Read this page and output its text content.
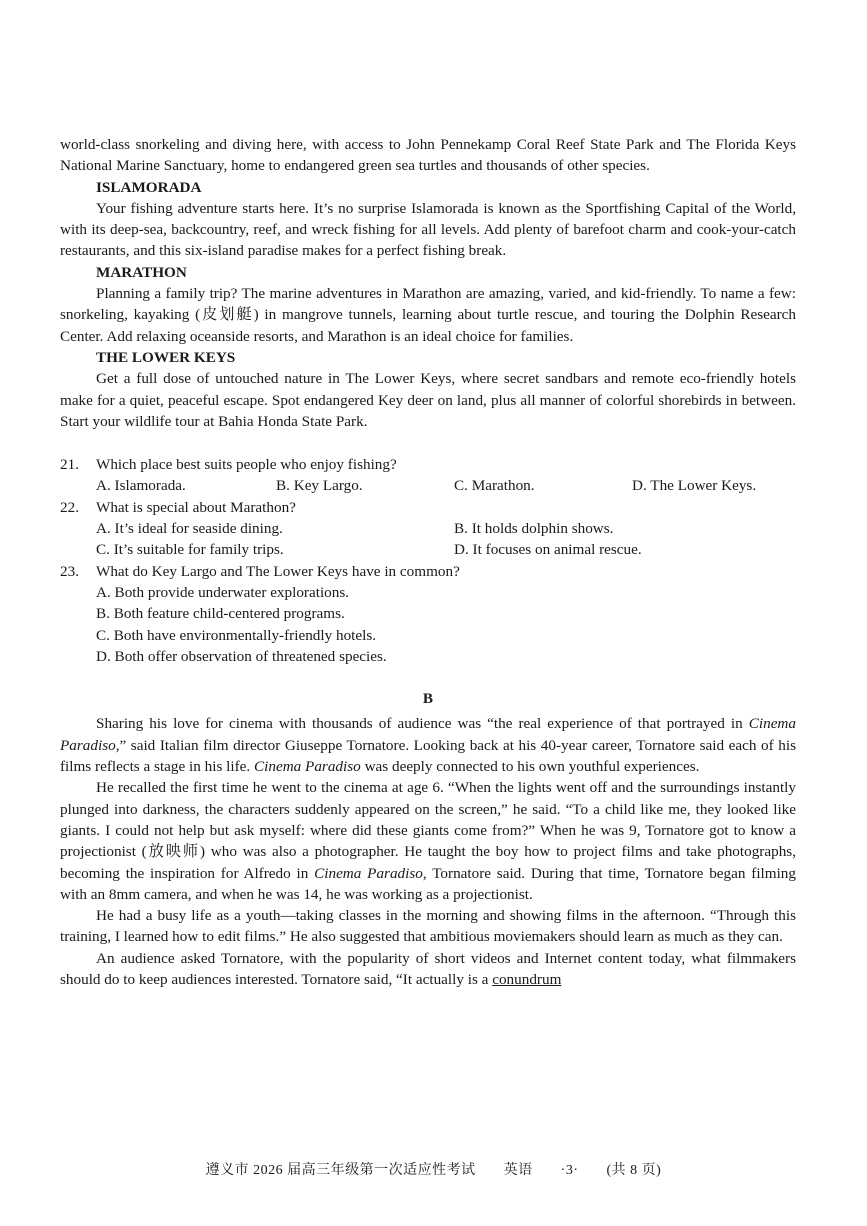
world-class snorkeling and diving here, with access to John Pennekamp Coral Reef State Park and The Florida Keys National Marine Sanctuary, home to endangered green sea turtles and thousands of other species.

ISLAMORADA

Your fishing adventure starts here. It’s no surprise Islamorada is known as the Sportfishing Capital of the World, with its deep-sea, backcountry, reef, and wreck fishing for all levels. Add plenty of barefoot charm and cook-your-catch restaurants, and this six-island paradise makes for a perfect fishing break.

MARATHON

Planning a family trip? The marine adventures in Marathon are amazing, varied, and kid-friendly. To name a few: snorkeling, kayaking (皮划艇) in mangrove tunnels, learning about turtle rescue, and touring the Dolphin Research Center. Add relaxing oceanside resorts, and Marathon is an ideal choice for families.

THE LOWER KEYS

Get a full dose of untouched nature in The Lower Keys, where secret sandbars and remote eco-friendly hotels make for a quiet, peaceful escape. Spot endangered Key deer on land, plus all manner of colorful shorebirds in between. Start your wildlife tour at Bahia Honda State Park.

21.	Which place best suits people who enjoy fishing?
A. Islamorada.	B. Key Largo.	C. Marathon.	D. The Lower Keys.
22.	What is special about Marathon?
A. It’s ideal for seaside dining.	B. It holds dolphin shows.
C. It’s suitable for family trips.	D. It focuses on animal rescue.
23.	What do Key Largo and The Lower Keys have in common?
A. Both provide underwater explorations.
B. Both feature child-centered programs.
C. Both have environmentally-friendly hotels.
D. Both offer observation of threatened species.
B

Sharing his love for cinema with thousands of audience was “the real experience of that portrayed in Cinema Paradiso,” said Italian film director Giuseppe Tornatore. Looking back at his 40-year career, Tornatore said each of his films reflects a stage in his life. Cinema Paradiso was deeply connected to his own youthful experiences.

He recalled the first time he went to the cinema at age 6. “When the lights went off and the surroundings instantly plunged into darkness, the characters suddenly appeared on the screen,” he said. “To a child like me, they looked like giants. I could not help but ask myself: where did these giants come from?” When he was 9, Tornatore got to know a projectionist (放映师) who was also a photographer. He taught the boy how to project films and take photographs, becoming the inspiration for Alfredo in Cinema Paradiso, Tornatore said. During that time, Tornatore began filming with an 8mm camera, and when he was 14, he was working as a projectionist.

He had a busy life as a youth—taking classes in the morning and showing films in the afternoon. “Through this training, I learned how to edit films.” He also suggested that ambitious moviemakers should learn as much as they can.

An audience asked Tornatore, with the popularity of short videos and Internet content today, what filmmakers should do to keep audiences interested. Tornatore said, “It actually is a conundrum

遵义市 2026 届高三年级第一次适应性考试 英语 ·3· (共 8 页)
